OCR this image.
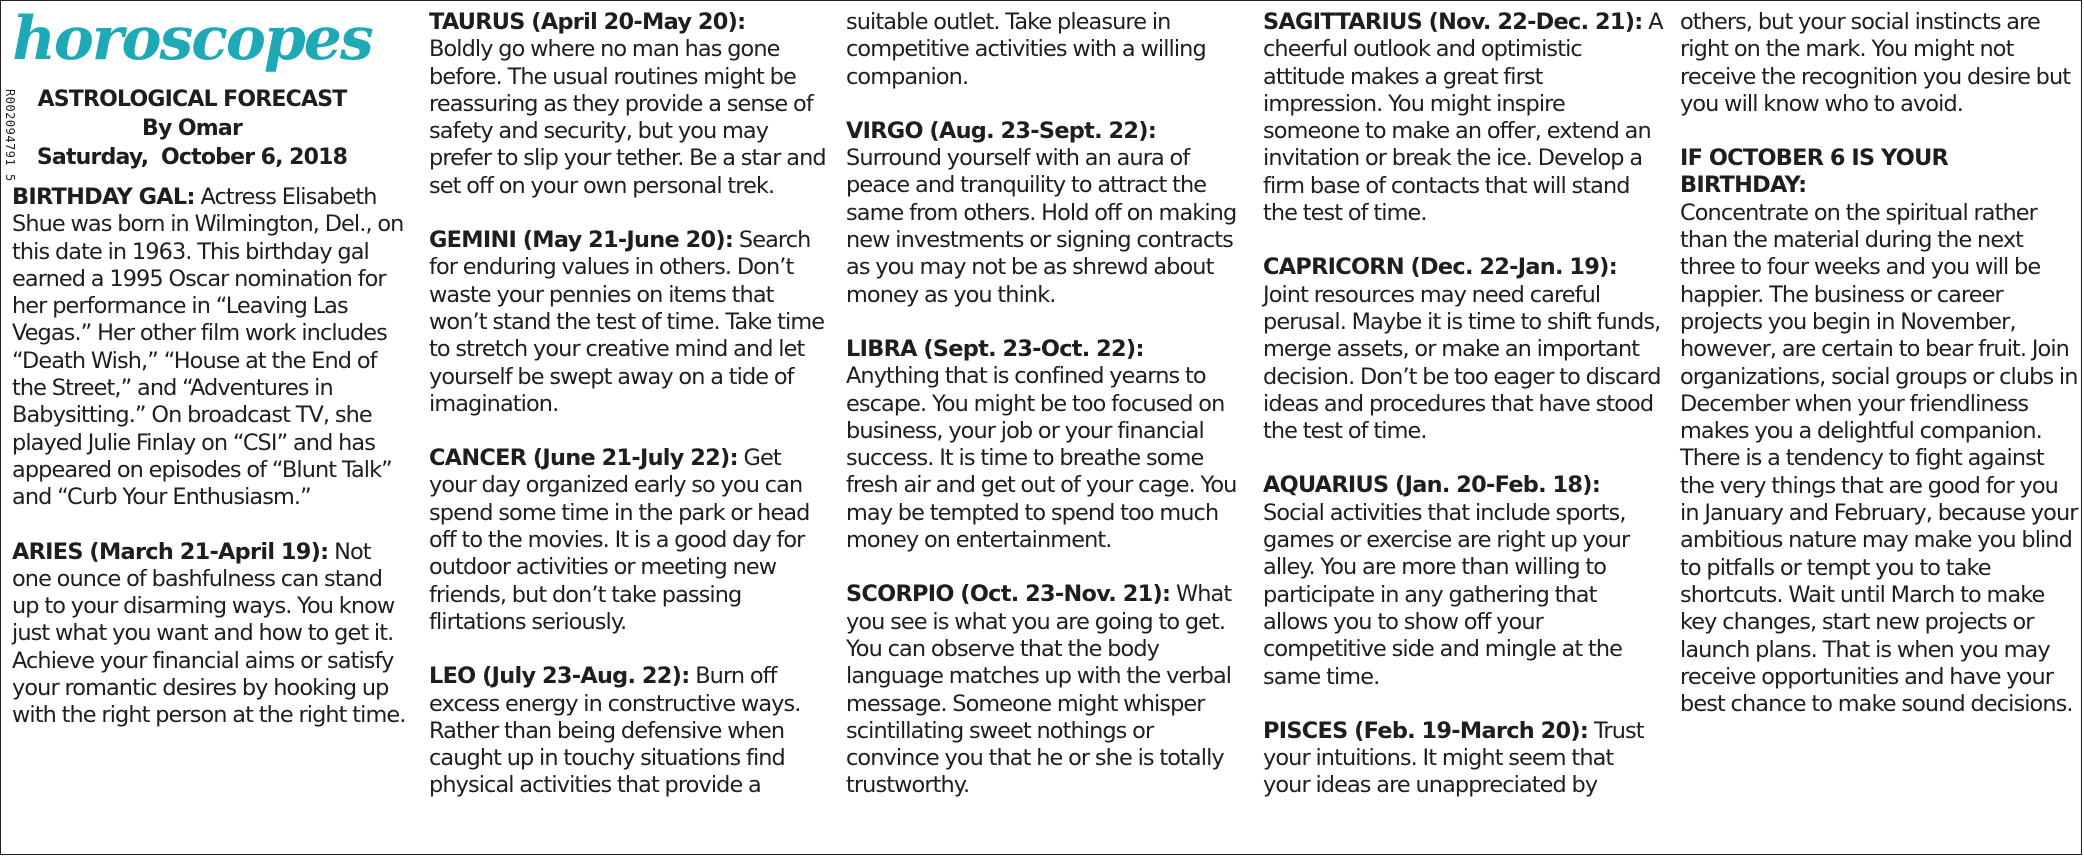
R002094791 5
horoscopes
ASTROLOGICAL FORECAST
By Omar
Saturday,  October 6, 2018

BIRTHDAY GAL: Actress Elisabeth Shue was born in Wilmington, Del., on this date in 1963. This birthday gal earned a 1995 Oscar nomination for her performance in “Leaving Las Vegas.” Her other film work includes “Death Wish,” “House at the End of the Street,” and “Adventures in Babysitting.” On broadcast TV, she played Julie Finlay on “CSI” and has appeared on episodes of “Blunt Talk” and “Curb Your Enthusiasm.”

ARIES (March 21-April 19): Not one ounce of bashfulness can stand up to your disarming ways. You know just what you want and how to get it. Achieve your financial aims or satisfy your romantic desires by hooking up with the right person at the right time.

TAURUS (April 20-May 20):

Boldly go where no man has gone before. The usual routines might be reassuring as they provide a sense of safety and security, but you may prefer to slip your tether. Be a star and set off on your own personal trek.

GEMINI (May 21-June 20): Search for enduring values in others. Don’t waste your pennies on items that won’t stand the test of time. Take time to stretch your creative mind and let yourself be swept away on a tide of imagination.

CANCER (June 21-July 22): Get your day organized early so you can spend some time in the park or head off to the movies. It is a good day for outdoor activities or meeting new friends, but don’t take passing flirtations seriously.

LEO (July 23-Aug. 22): Burn off excess energy in constructive ways. Rather than being defensive when caught up in touchy situations find physical activities that provide a

suitable outlet. Take pleasure in competitive activities with a willing companion.

VIRGO (Aug. 23-Sept. 22):

Surround yourself with an aura of peace and tranquility to attract the same from others. Hold off on making new investments or signing contracts as you may not be as shrewd about money as you think.

LIBRA (Sept. 23-Oct. 22):

Anything that is confined yearns to escape. You might be too focused on business, your job or your financial success. It is time to breathe some fresh air and get out of your cage. You may be tempted to spend too much money on entertainment.

SCORPIO (Oct. 23-Nov. 21): What you see is what you are going to get. You can observe that the body language matches up with the verbal message. Someone might whisper scintillating sweet nothings or convince you that he or she is totally trustworthy.

SAGITTARIUS (Nov. 22-Dec. 21): A cheerful outlook and optimistic attitude makes a great first impression. You might inspire someone to make an offer, extend an invitation or break the ice. Develop a firm base of contacts that will stand the test of time.

CAPRICORN (Dec. 22-Jan. 19):

Joint resources may need careful perusal. Maybe it is time to shift funds, merge assets, or make an important decision. Don’t be too eager to discard ideas and procedures that have stood the test of time.

AQUARIUS (Jan. 20-Feb. 18):

Social activities that include sports, games or exercise are right up your alley. You are more than willing to participate in any gathering that allows you to show off your competitive side and mingle at the same time.

PISCES (Feb. 19-March 20): Trust your intuitions. It might seem that your ideas are unappreciated by

others, but your social instincts are right on the mark. You might not receive the recognition you desire but you will know who to avoid.

IF OCTOBER 6 IS YOUR BIRTHDAY:

Concentrate on the spiritual rather than the material during the next three to four weeks and you will be happier. The business or career projects you begin in November, however, are certain to bear fruit. Join organizations, social groups or clubs in December when your friendliness makes you a delightful companion. There is a tendency to fight against the very things that are good for you in January and February, because your ambitious nature may make you blind to pitfalls or tempt you to take shortcuts. Wait until March to make key changes, start new projects or launch plans. That is when you may receive opportunities and have your best chance to make sound decisions.
